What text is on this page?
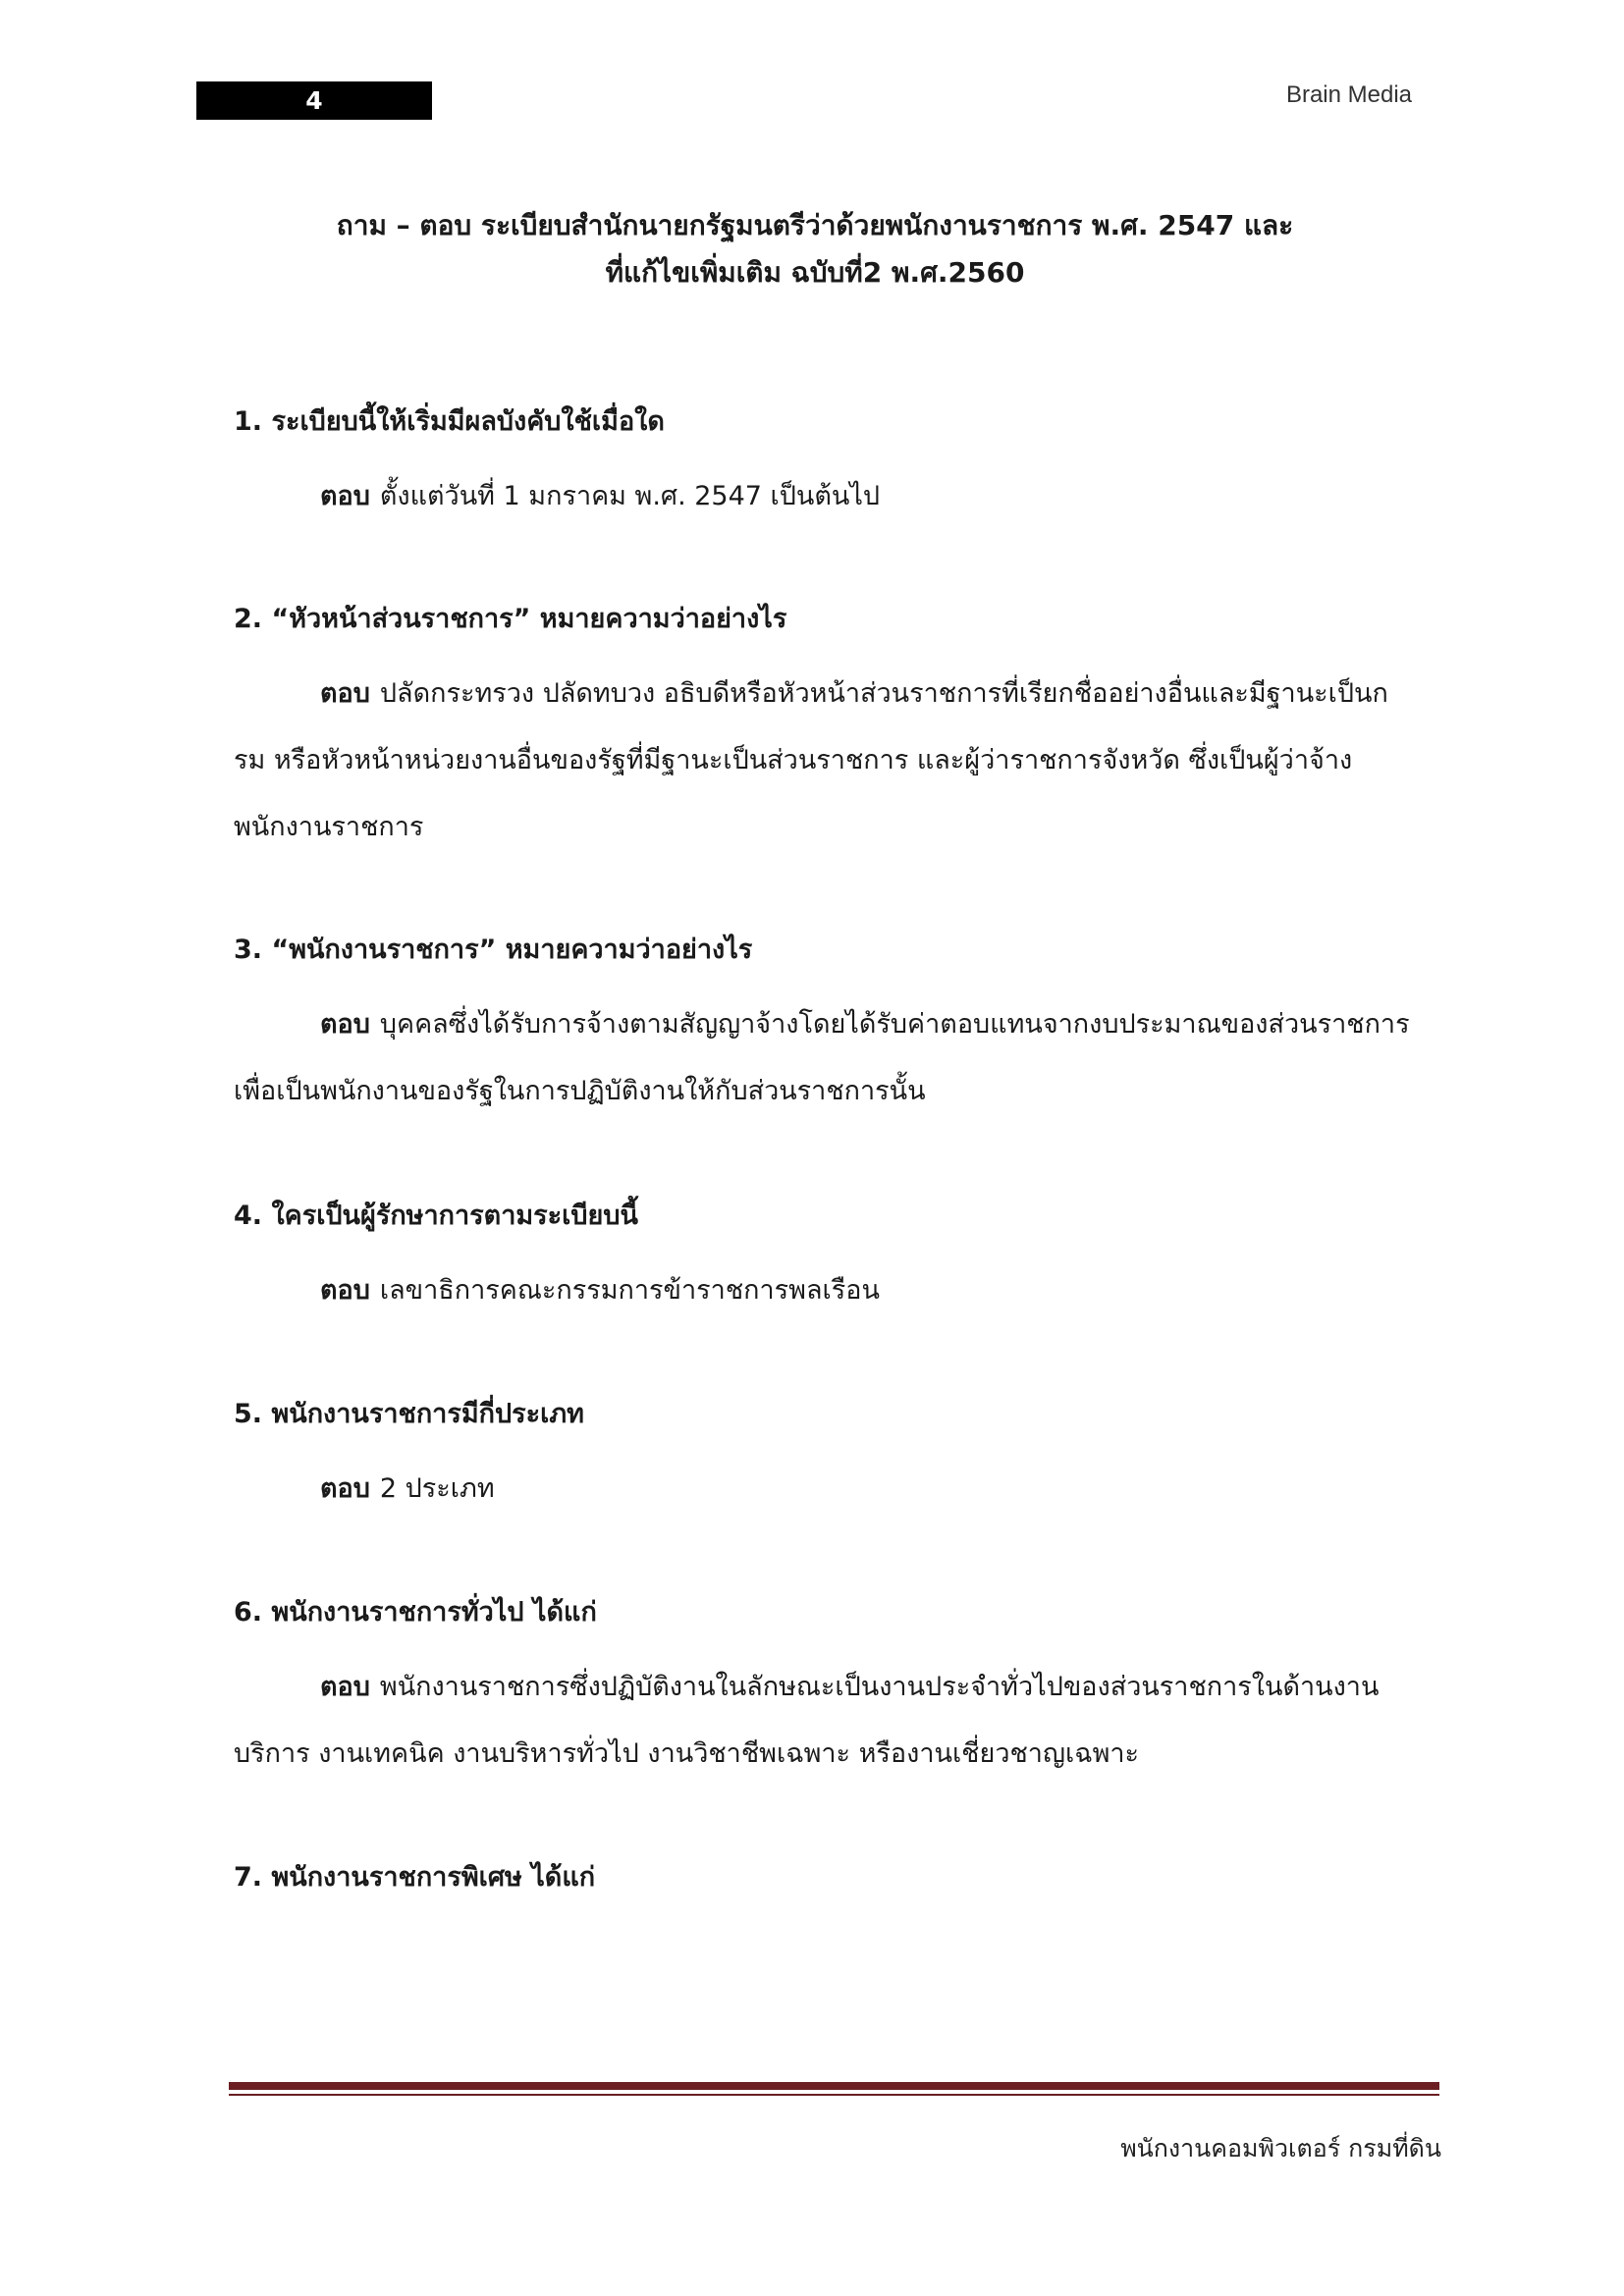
4	Brain Media
ถาม – ตอบ ระเบียบสำนักนายกรัฐมนตรีว่าด้วยพนักงานราชการ พ.ศ. 2547 และ
ที่แก้ไขเพิ่มเติม ฉบับที่2 พ.ศ.2560

1. ระเบียบนี้ให้เริ่มมีผลบังคับใช้เมื่อใด

ตอบ ตั้งแต่วันที่ 1 มกราคม พ.ศ. 2547 เป็นต้นไป

2. “หัวหน้าส่วนราชการ” หมายความว่าอย่างไร

ตอบ ปลัดกระทรวง ปลัดทบวง อธิบดีหรือหัวหน้าส่วนราชการที่เรียกชื่ออย่างอื่นและมีฐานะเป็นกรม หรือหัวหน้าหน่วยงานอื่นของรัฐที่มีฐานะเป็นส่วนราชการ และผู้ว่าราชการจังหวัด ซึ่งเป็นผู้ว่าจ้างพนักงานราชการ

3. “พนักงานราชการ” หมายความว่าอย่างไร

ตอบ บุคคลซึ่งได้รับการจ้างตามสัญญาจ้างโดยได้รับค่าตอบแทนจากงบประมาณของส่วนราชการเพื่อเป็นพนักงานของรัฐในการปฏิบัติงานให้กับส่วนราชการนั้น

4. ใครเป็นผู้รักษาการตามระเบียบนี้

ตอบ เลขาธิการคณะกรรมการข้าราชการพลเรือน

5. พนักงานราชการมีกี่ประเภท

ตอบ 2 ประเภท

6. พนักงานราชการทั่วไป ได้แก่

ตอบ พนักงานราชการซึ่งปฏิบัติงานในลักษณะเป็นงานประจำทั่วไปของส่วนราชการในด้านงานบริการ งานเทคนิค งานบริหารทั่วไป งานวิชาชีพเฉพาะ หรืองานเชี่ยวชาญเฉพาะ

7. พนักงานราชการพิเศษ ได้แก่

พนักงานคอมพิวเตอร์ กรมที่ดิน
